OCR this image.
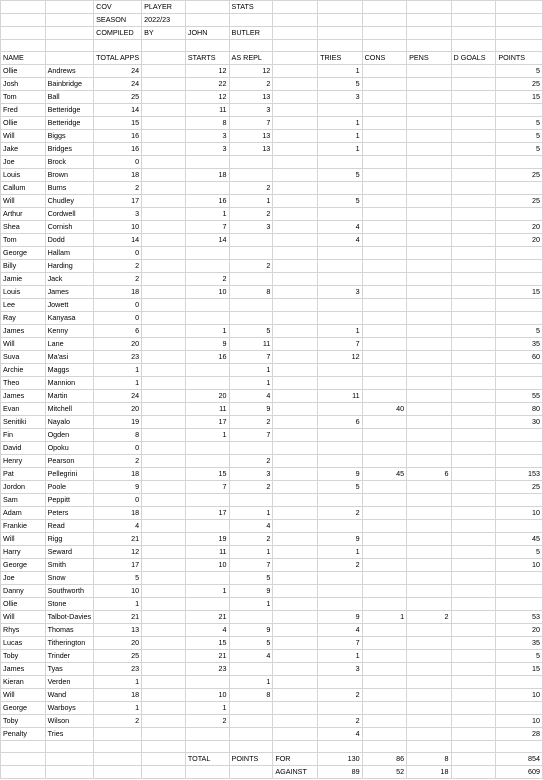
		COV	PLAYER		STATS						
		SEASON	2022/23								
		COMPILED	BY	JOHN	BUTLER						

NAME		TOTAL APPS		STARTS	AS REPL		TRIES	CONS	PENS	D GOALS	POINTS
Ollie	Andrews	24		12	12		1				5
Josh	Bainbridge	24		22	2		5				25
Tom	Ball	25		12	13		3				15
Fred	Betteridge	14		11	3						
Ollie	Betteridge	15		8	7		1				5
Will	Biggs	16		3	13		1				5
Jake	Bridges	16		3	13		1				5
Joe	Brock	0									
Louis	Brown	18		18			5				25
Callum	Burns	2			2						
Will	Chudley	17		16	1		5				25
Arthur	Cordwell	3		1	2						
Shea	Cornish	10		7	3		4				20
Tom	Dodd	14		14			4				20
George	Hallam	0									
Billy	Harding	2			2						
Jamie	Jack	2		2							
Louis	James	18		10	8		3				15
Lee	Jowett	0									
Ray	Kanyasa	0									
James	Kenny	6		1	5		1				5
Will	Lane	20		9	11		7				35
Suva	Ma'asi	23		16	7		12				60
Archie	Maggs	1			1						
Theo	Mannion	1			1						
James	Martin	24		20	4		11				55
Evan	Mitchell	20		11	9			40			80
Senitiki	Nayalo	19		17	2		6				30
Fin	Ogden	8		1	7						
David	Opoku	0									
Henry	Pearson	2			2						
Pat	Pellegrini	18		15	3		9	45	6		153
Jordon	Poole	9		7	2		5				25
Sam	Peppitt	0									
Adam	Peters	18		17	1		2				10
Frankie	Read	4			4						
Will	Rigg	21		19	2		9				45
Harry	Seward	12		11	1		1				5
George	Smith	17		10	7		2				10
Joe	Snow	5			5						
Danny	Southworth	10		1	9						
Ollie	Stone	1			1						
Will	Talbot-Davies	21		21			9	1	2		53
Rhys	Thomas	13		4	9		4				20
Lucas	Titherington	20		15	5		7				35
Toby	Trinder	25		21	4		1				5
James	Tyas	23		23			3				15
Kieran	Verden	1			1						
Will	Wand	18		10	8		2				10
George	Warboys	1		1							
Toby	Wilson	2		2			2				10
Penalty	Tries						4				28

				TOTAL	POINTS	FOR	130	86	8		854
						AGAINST	89	52	18		609
